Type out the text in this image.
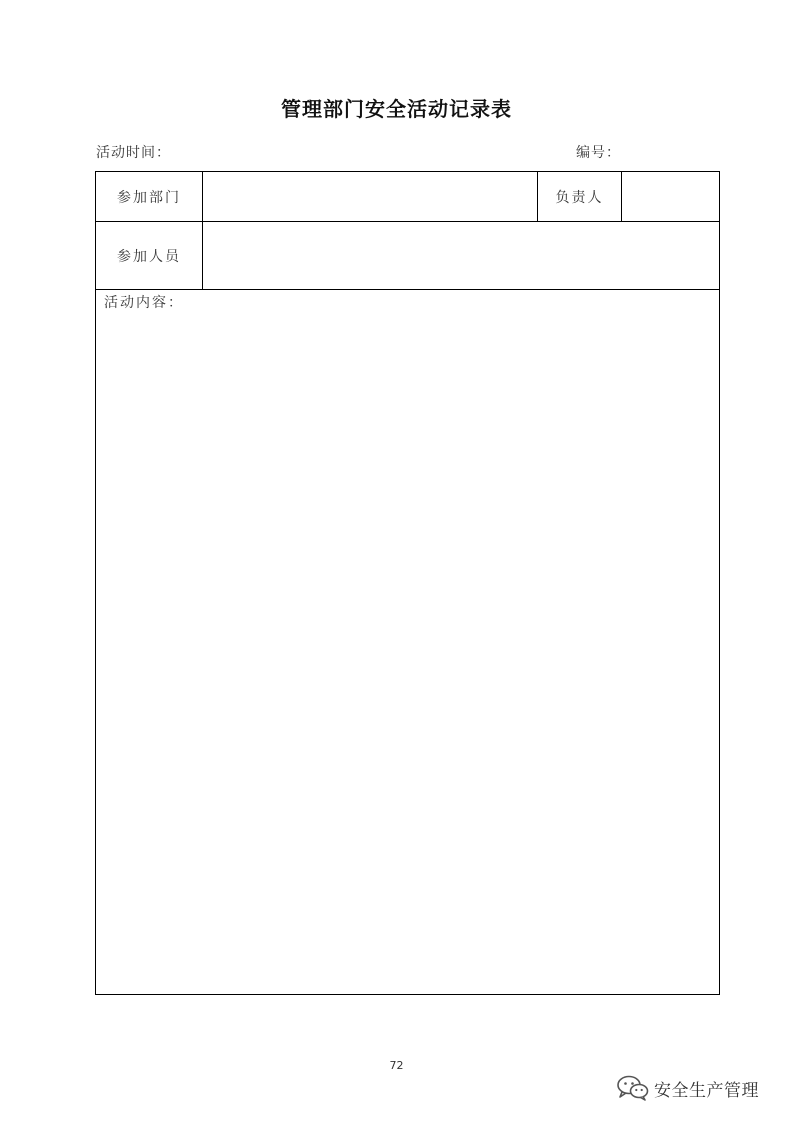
管理部门安全活动记录表
活动时间：	编号：
参加部门	负责人
参加人员
活动内容：
72
安全生产管理
